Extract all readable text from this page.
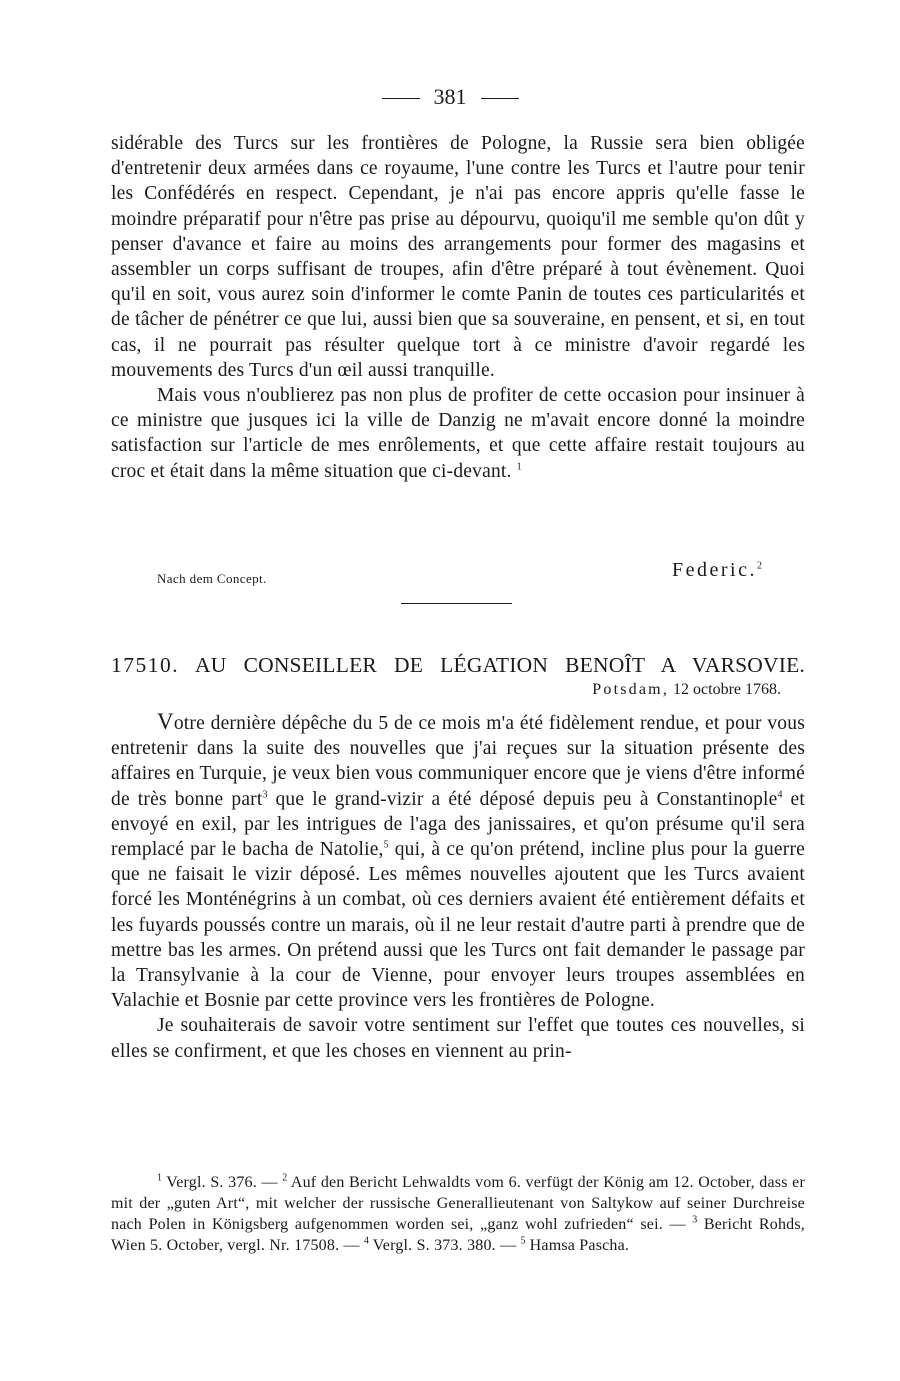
381

sidérable des Turcs sur les frontières de Pologne, la Russie sera bien obligée d'entretenir deux armées dans ce royaume, l'une contre les Turcs et l'autre pour tenir les Confédérés en respect. Cependant, je n'ai pas encore appris qu'elle fasse le moindre préparatif pour n'être pas prise au dépourvu, quoiqu'il me semble qu'on dût y penser d'avance et faire au moins des arrangements pour former des magasins et assembler un corps suffisant de troupes, afin d'être préparé à tout évènement. Quoi qu'il en soit, vous aurez soin d'informer le comte Panin de toutes ces particularités et de tâcher de pénétrer ce que lui, aussi bien que sa souveraine, en pensent, et si, en tout cas, il ne pourrait pas résulter quelque tort à ce ministre d'avoir regardé les mouvements des Turcs d'un œil aussi tranquille.

Mais vous n'oublierez pas non plus de profiter de cette occasion pour insinuer à ce ministre que jusques ici la ville de Danzig ne m'avait encore donné la moindre satisfaction sur l'article de mes enrôlements, et que cette affaire restait toujours au croc et était dans la même situation que ci-devant. $^1$

Nach dem Concept.	Federic.$^2$
17510. AU CONSEILLER DE LÉGATION BENOÎT A VARSOVIE.
Potsdam, 12 octobre 1768.

Votre dernière dépêche du 5 de ce mois m'a été fidèlement rendue, et pour vous entretenir dans la suite des nouvelles que j'ai reçues sur la situation présente des affaires en Turquie, je veux bien vous communiquer encore que je viens d'être informé de très bonne part$^3$ que le grand-vizir a été déposé depuis peu à Constantinople$^4$ et envoyé en exil, par les intrigues de l'aga des janissaires, et qu'on présume qu'il sera remplacé par le bacha de Natolie,$^5$ qui, à ce qu'on prétend, incline plus pour la guerre que ne faisait le vizir déposé. Les mêmes nouvelles ajoutent que les Turcs avaient forcé les Monténégrins à un combat, où ces derniers avaient été entièrement défaits et les fuyards poussés contre un marais, où il ne leur restait d'autre parti à prendre que de mettre bas les armes. On prétend aussi que les Turcs ont fait demander le passage par la Transylvanie à la cour de Vienne, pour envoyer leurs troupes assemblées en Valachie et Bosnie par cette province vers les frontières de Pologne.

Je souhaiterais de savoir votre sentiment sur l'effet que toutes ces nouvelles, si elles se confirment, et que les choses en viennent au prin-

$^1$ Vergl. S. 376. — $^2$ Auf den Bericht Lehwaldts vom 6. verfügt der König am 12. October, dass er mit der „guten Art“, mit welcher der russische Generallieutenant von Saltykow auf seiner Durchreise nach Polen in Königsberg aufgenommen worden sei, „ganz wohl zufrieden“ sei. — $^3$ Bericht Rohds, Wien 5. October, vergl. Nr. 17508. — $^4$ Vergl. S. 373. 380. — $^5$ Hamsa Pascha.
